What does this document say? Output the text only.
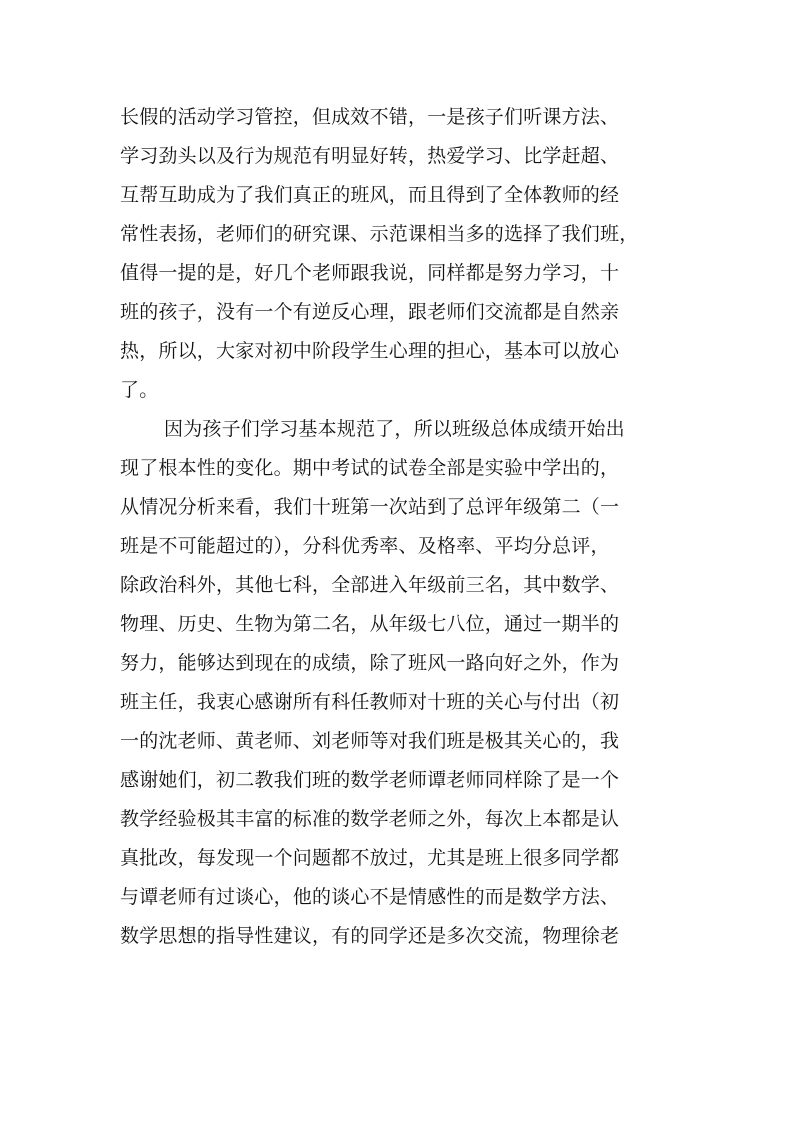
长假的活动学习管控，但成效不错，一是孩子们听课方法、
学习劲头以及行为规范有明显好转，热爱学习、比学赶超、
互帮互助成为了我们真正的班风，而且得到了全体教师的经
常性表扬，老师们的研究课、示范课相当多的选择了我们班，
值得一提的是，好几个老师跟我说，同样都是努力学习，十
班的孩子，没有一个有逆反心理，跟老师们交流都是自然亲
热，所以，大家对初中阶段学生心理的担心，基本可以放心
了。
因为孩子们学习基本规范了，所以班级总体成绩开始出
现了根本性的变化。期中考试的试卷全部是实验中学出的，
从情况分析来看，我们十班第一次站到了总评年级第二（一
班是不可能超过的），分科优秀率、及格率、平均分总评，
除政治科外，其他七科，全部进入年级前三名，其中数学、
物理、历史、生物为第二名，从年级七八位，通过一期半的
努力，能够达到现在的成绩，除了班风一路向好之外，作为
班主任，我衷心感谢所有科任教师对十班的关心与付出（初
一的沈老师、黄老师、刘老师等对我们班是极其关心的，我
感谢她们，初二教我们班的数学老师谭老师同样除了是一个
教学经验极其丰富的标准的数学老师之外，每次上本都是认
真批改，每发现一个问题都不放过，尤其是班上很多同学都
与谭老师有过谈心，他的谈心不是情感性的而是数学方法、
数学思想的指导性建议，有的同学还是多次交流，物理徐老
